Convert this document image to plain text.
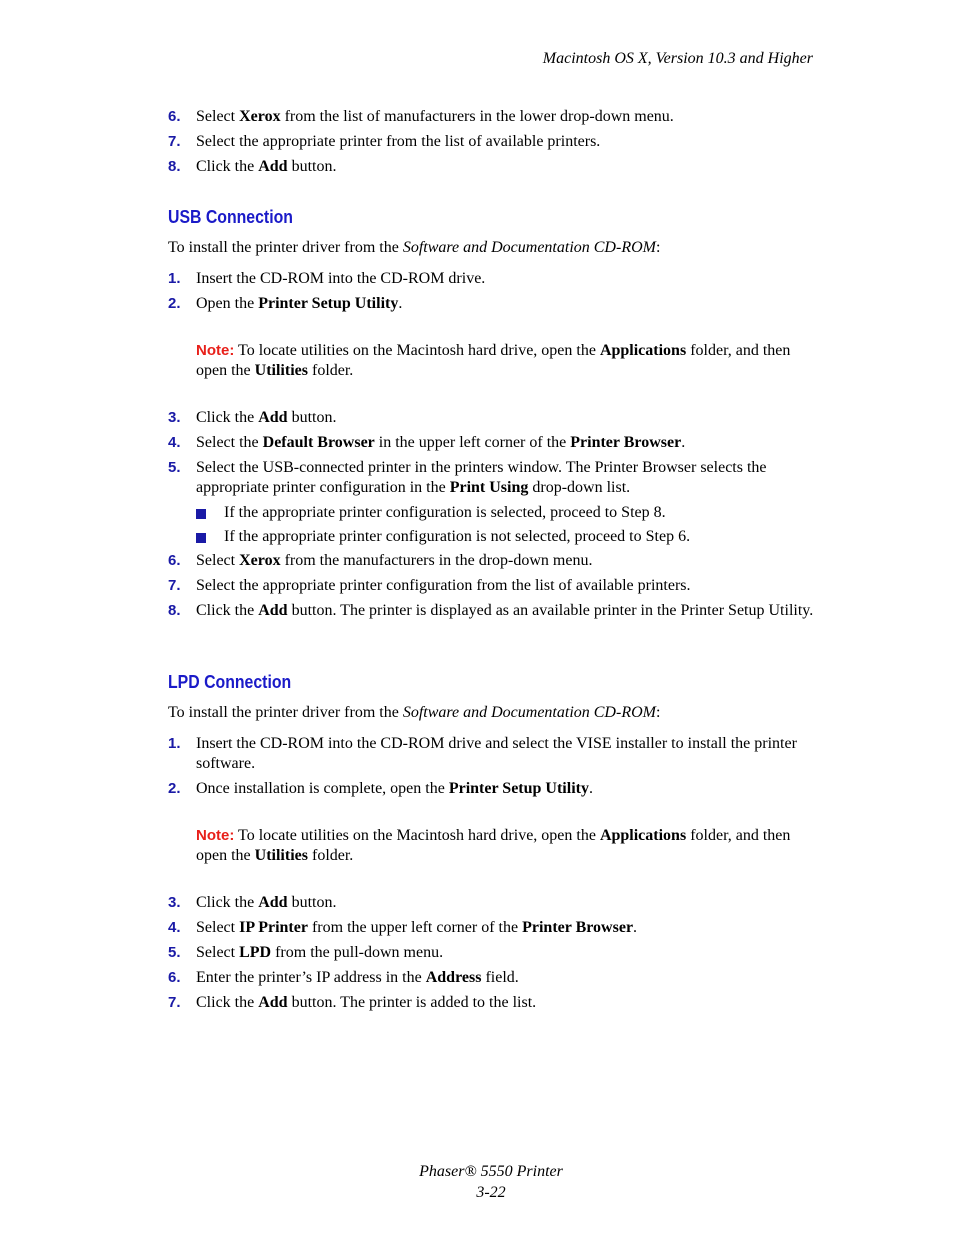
Macintosh OS X, Version 10.3 and Higher
6. Select Xerox from the list of manufacturers in the lower drop-down menu.
7. Select the appropriate printer from the list of available printers.
8. Click the Add button.
USB Connection
To install the printer driver from the Software and Documentation CD-ROM:
1. Insert the CD-ROM into the CD-ROM drive.
2. Open the Printer Setup Utility.
Note: To locate utilities on the Macintosh hard drive, open the Applications folder, and then open the Utilities folder.
3. Click the Add button.
4. Select the Default Browser in the upper left corner of the Printer Browser.
5. Select the USB-connected printer in the printers window. The Printer Browser selects the appropriate printer configuration in the Print Using drop-down list.
If the appropriate printer configuration is selected, proceed to Step 8.
If the appropriate printer configuration is not selected, proceed to Step 6.
6. Select Xerox from the manufacturers in the drop-down menu.
7. Select the appropriate printer configuration from the list of available printers.
8. Click the Add button. The printer is displayed as an available printer in the Printer Setup Utility.
LPD Connection
To install the printer driver from the Software and Documentation CD-ROM:
1. Insert the CD-ROM into the CD-ROM drive and select the VISE installer to install the printer software.
2. Once installation is complete, open the Printer Setup Utility.
Note: To locate utilities on the Macintosh hard drive, open the Applications folder, and then open the Utilities folder.
3. Click the Add button.
4. Select IP Printer from the upper left corner of the Printer Browser.
5. Select LPD from the pull-down menu.
6. Enter the printer’s IP address in the Address field.
7. Click the Add button. The printer is added to the list.
Phaser® 5550 Printer
3-22
